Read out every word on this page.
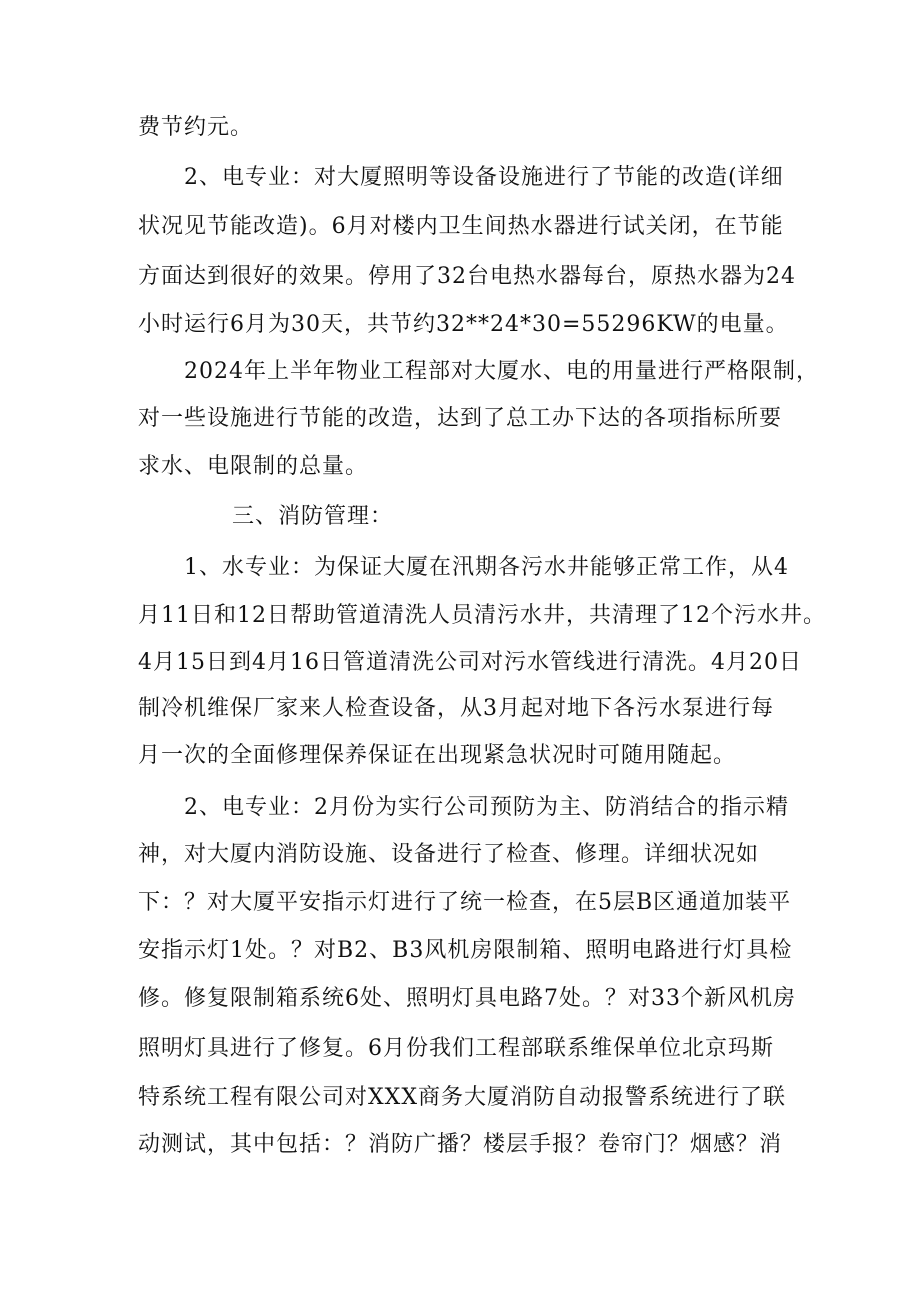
费节约元。
2、电专业：对大厦照明等设备设施进行了节能的改造(详细
状况见节能改造)。6月对楼内卫生间热水器进行试关闭，在节能
方面达到很好的效果。停用了32台电热水器每台，原热水器为24
小时运行6月为30天，共节约32**24*30=55296KW的电量。
2024年上半年物业工程部对大厦水、电的用量进行严格限制，
对一些设施进行节能的改造，达到了总工办下达的各项指标所要
求水、电限制的总量。
三、消防管理：
1、水专业：为保证大厦在汛期各污水井能够正常工作，从4
月11日和12日帮助管道清洗人员清污水井，共清理了12个污水井。
4月15日到4月16日管道清洗公司对污水管线进行清洗。4月20日
制冷机维保厂家来人检查设备，从3月起对地下各污水泵进行每
月一次的全面修理保养保证在出现紧急状况时可随用随起。
2、电专业：2月份为实行公司预防为主、防消结合的指示精
神，对大厦内消防设施、设备进行了检查、修理。详细状况如
下：？对大厦平安指示灯进行了统一检查，在5层B区通道加装平
安指示灯1处。？对B2、B3风机房限制箱、照明电路进行灯具检
修。修复限制箱系统6处、照明灯具电路7处。？对33个新风机房
照明灯具进行了修复。6月份我们工程部联系维保单位北京玛斯
特系统工程有限公司对XXX商务大厦消防自动报警系统进行了联
动测试，其中包括：？消防广播？楼层手报？卷帘门？烟感？消
